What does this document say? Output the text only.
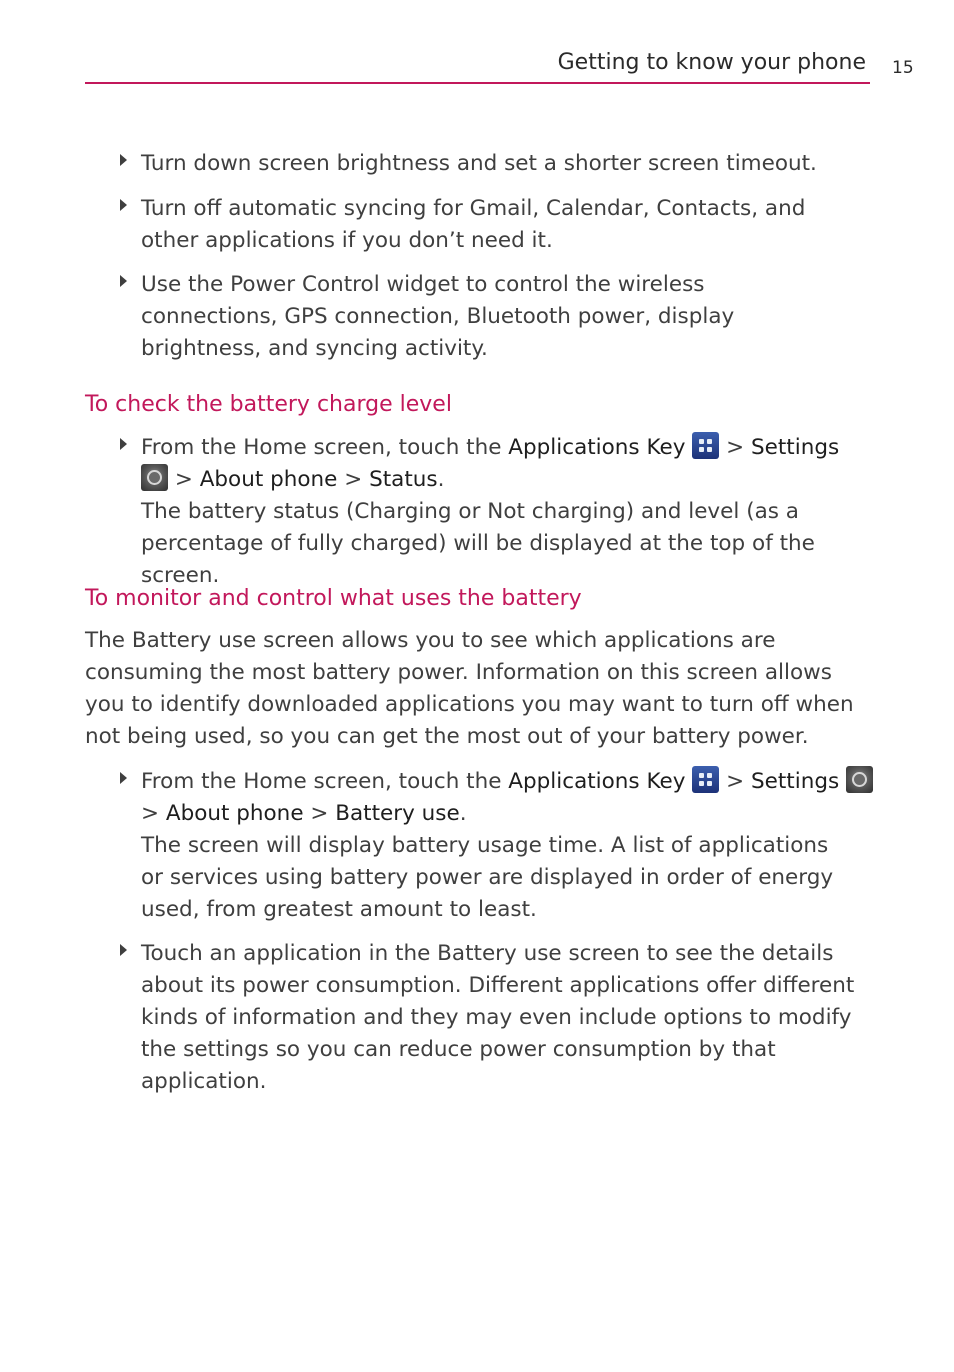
Getting to know your phone 15
Turn down screen brightness and set a shorter screen timeout.
Turn off automatic syncing for Gmail, Calendar, Contacts, and other applications if you don’t need it.
Use the Power Control widget to control the wireless connections, GPS connection, Bluetooth power, display brightness, and syncing activity.
To check the battery charge level
From the Home screen, touch the Applications Key
> Settings
> About phone > Status.
The battery status (Charging or Not charging) and level (as a percentage of fully charged) will be displayed at the top of the screen.
To monitor and control what uses the battery
The Battery use screen allows you to see which applications are consuming the most battery power. Information on this screen allows you to identify downloaded applications you may want to turn off when not being used, so you can get the most out of your battery power.
From the Home screen, touch the Applications Key
> Settings
> About phone > Battery use.
The screen will display battery usage time. A list of applications or services using battery power are displayed in order of energy used, from greatest amount to least.
Touch an application in the Battery use screen to see the details about its power consumption. Different applications offer different kinds of information and they may even include options to modify the settings so you can reduce power consumption by that application.
